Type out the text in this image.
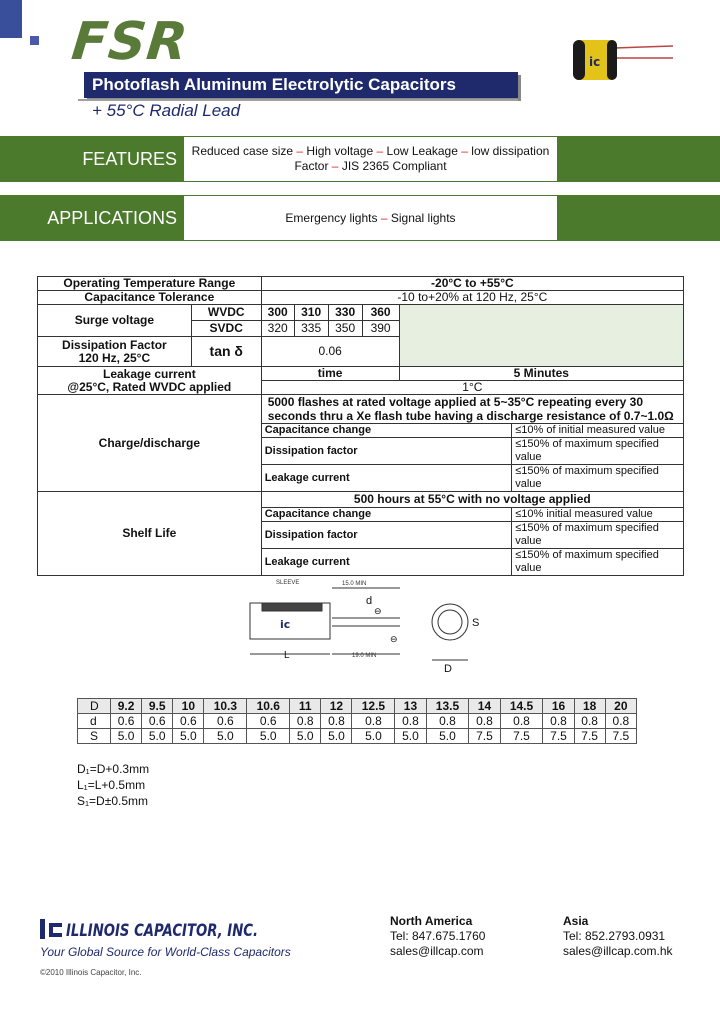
FSR
Photoflash Aluminum Electrolytic Capacitors
+ 55°C Radial Lead
ic
FEATURES	Reduced case size – High voltage – Low Leakage – low dissipation
Factor – JIS 2365 Compliant
APPLICATIONS	Emergency lights – Signal lights
Operating Temperature Range		-20°C to +55°C					
Capacitance Tolerance		-10 to+20% at 120 Hz, 25°C					
Surge voltage	WVDC	300	310	330	360		
	SVDC	320	335	350	390		

Dissipation Factor
120 Hz, 25°C	tan δ	0.06					

Leakage current
@25°C, Rated WVDC applied		time				5 Minutes	
		1°C					
Charge/discharge		5000 flashes at rated voltage applied at 5~35°C repeating every 30
seconds thru a Xe flash tube having a discharge resistance of 0.7~1.0Ω					

		Capacitance change					≤10% of initial measured value
		Dissipation factor					≤150% of maximum specified value
		Leakage current					≤150% of maximum specified value
Shelf Life		500 hours at 55°C with no voltage applied					
		Capacitance change					≤10% initial measured value
		Dissipation factor					≤150% of maximum specified value
		Leakage current					≤150% of maximum specified value
ic
SLEEVE	15.0 MIN
d
L	19.0 MIN
D
S
⊖
⊖
D	9.2	9.5	10	10.3	10.6	11	12	12.5	13	13.5	14	14.5	16	18	20
d	0.6	0.6	0.6	0.6	0.6	0.8	0.8	0.8	0.8	0.8	0.8	0.8	0.8	0.8	0.8
S	5.0	5.0	5.0	5.0	5.0	5.0	5.0	5.0	5.0	5.0	7.5	7.5	7.5	7.5	7.5
D₁=D+0.3mm
L₁=L+0.5mm
S₁=D±0.5mm
ILLINOIS CAPACITOR, INC.
Your Global Source for World-Class Capacitors
©2010 Illinois Capacitor, Inc.
North America
Tel: 847.675.1760
sales@illcap.com
Asia
Tel: 852.2793.0931
sales@illcap.com.hk
